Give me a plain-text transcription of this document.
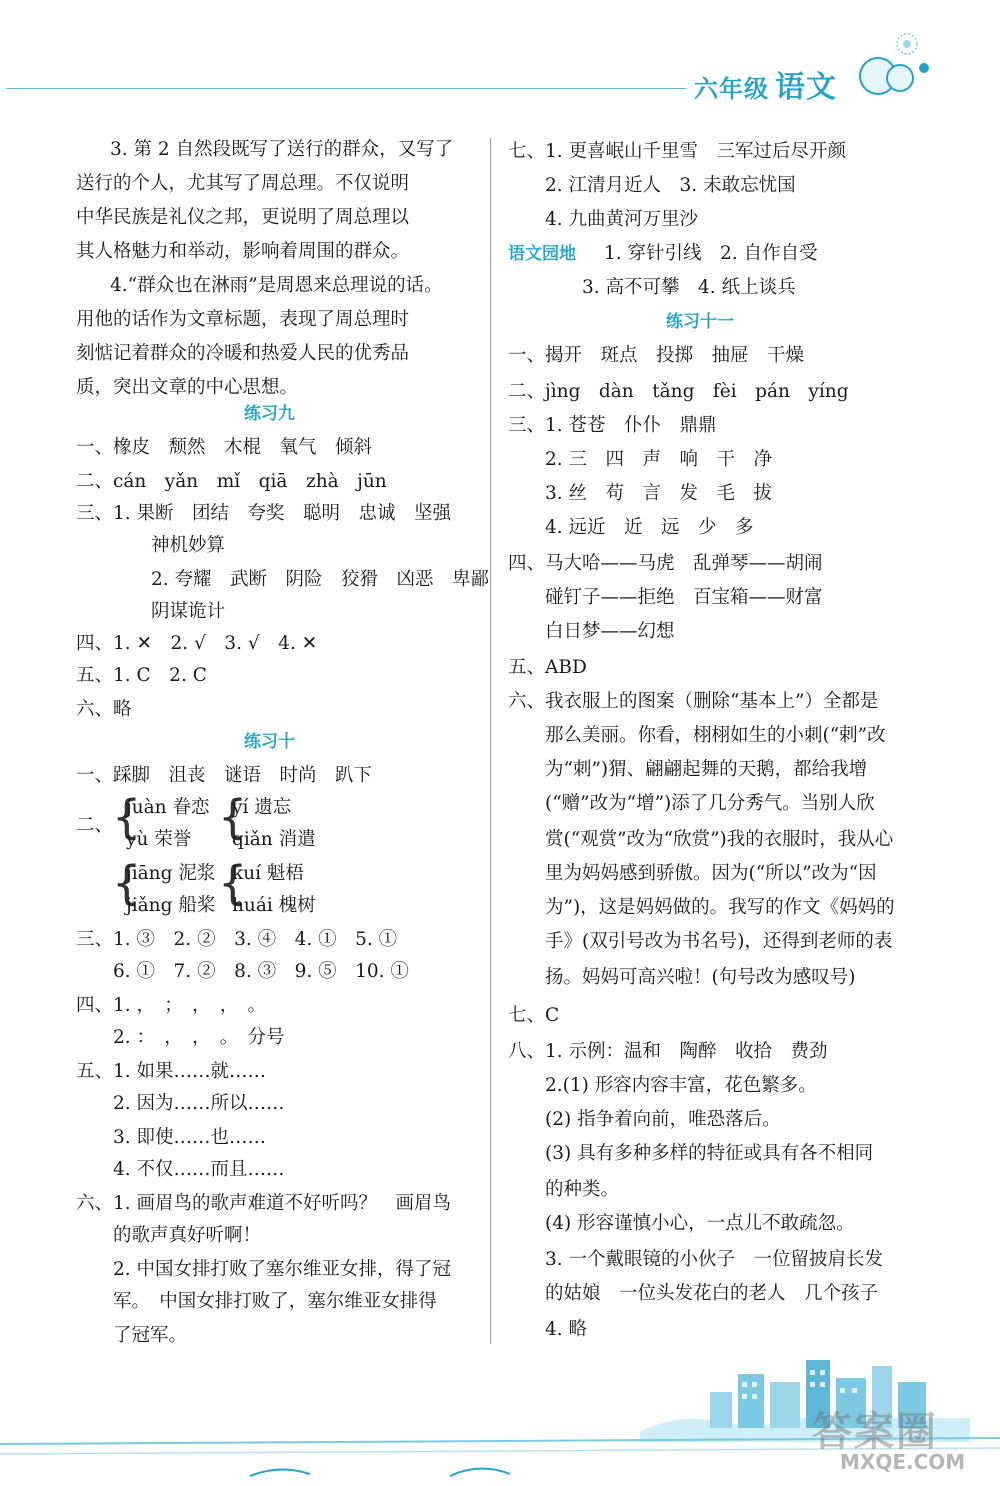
六年级 语文
3. 第 2 自然段既写了送行的群众，又写了
送行的个人，尤其写了周总理。不仅说明
中华民族是礼仪之邦，更说明了周总理以
其人格魅力和举动，影响着周围的群众。
4.“群众也在淋雨”是周恩来总理说的话。
用他的话作为文章标题，表现了周总理时
刻惦记着群众的冷暖和热爱人民的优秀品
质，突出文章的中心思想。
练习九
一、橡皮　颓然　木棍　氧气　倾斜
二、cán　yǎn　mǐ　qiā　zhà　jūn
三、1. 果断　团结　夸奖　聪明　忠诚　坚强
　　神机妙算
　　2. 夸耀　武断　阴险　狡猾　凶恶　卑鄙
　　阴谋诡计
四、1. ✕　2. √　3. √　4. ✕
五、1. C　2. C
六、略
练习十
一、踩脚　沮丧　谜语　时尚　趴下
二、
{
juàn 眷恋 {
yí 遗忘
yù 荣誉 qiǎn 消遣
{
jiāng 泥浆 {
kuí 魁梧
jiǎng 船桨 huái 槐树
三、1. ③　2. ②　3. ④　4. ①　5. ①
　　6. ①　7. ②　8. ③　9. ⑤　10. ①
四、1. ，　；　，　，　。
　　2. ：　，　，　。　分号
五、1. 如果……就……
　　2. 因为……所以……
　　3. 即使……也……
　　4. 不仅……而且……
六、1. 画眉鸟的歌声难道不好听吗？　画眉鸟
　　的歌声真好听啊！
　　2. 中国女排打败了塞尔维亚女排，得了冠
　　军。　中国女排打败了，塞尔维亚女排得
　　了冠军。
七、1. 更喜岷山千里雪　三军过后尽开颜
　　2. 江清月近人　3. 未敢忘忧国
　　4. 九曲黄河万里沙
语文园地 1. 穿针引线　2. 自作自受
　　　　3. 高不可攀　4. 纸上谈兵
练习十一
一、揭开　斑点　投掷　抽屉　干燥
二、jìng　dàn　tǎng　fèi　pán　yíng
三、1. 苍苍　仆仆　鼎鼎
　　2. 三　四　声　响　干　净
　　3. 丝　苟　言　发　毛　拔
　　4. 远近　近　远　少　多
四、马大哈——马虎　乱弹琴——胡闹
　　碰钉子——拒绝　百宝箱——财富
　　白日梦——幻想
五、ABD
六、我衣服上的图案（删除“基本上”）全都是
　　那么美丽。你看，栩栩如生的小刺(“剌”改
　　为“刺”)猬、翩翩起舞的天鹅，都给我增
　　(“赠”改为“增”)添了几分秀气。当别人欣
　　赏(“观赏”改为“欣赏”)我的衣服时，我从心
　　里为妈妈感到骄傲。因为(“所以”改为“因
　　为”)，这是妈妈做的。我写的作文《妈妈的
　　手》(双引号改为书名号)，还得到老师的表
　　扬。妈妈可高兴啦！(句号改为感叹号)
七、C
八、1. 示例：温和　陶醉　收拾　费劲
　　2.(1) 形容内容丰富，花色繁多。
　　(2) 指争着向前，唯恐落后。
　　(3) 具有多种多样的特征或具有各不相同
　　的种类。
　　(4) 形容谨慎小心，一点儿不敢疏忽。
　　3. 一个戴眼镜的小伙子　一位留披肩长发
　　的姑娘　一位头发花白的老人　几个孩子
　　4. 略
答案圈
MXQE.COM
